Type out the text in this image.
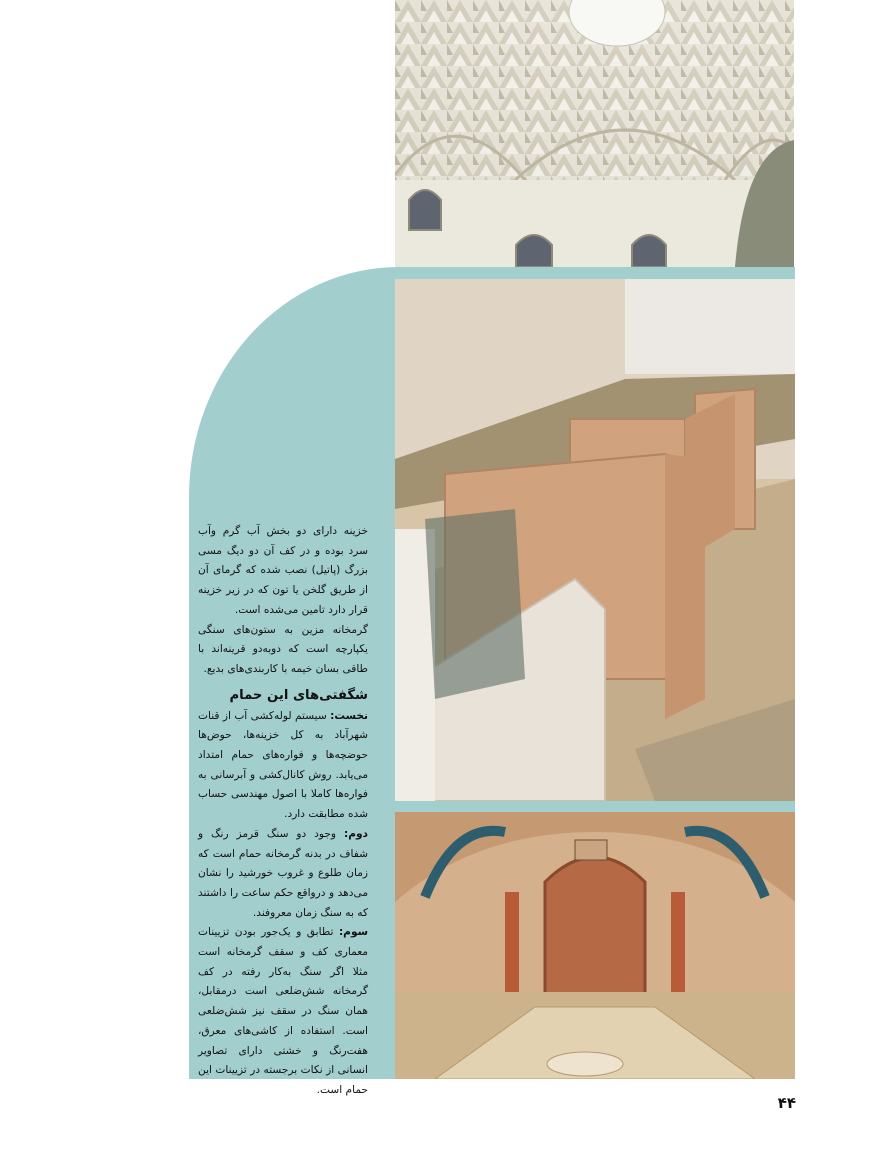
خزینه دارای دو بخش آب گرم وآب سرد بوده و در کف آن دو دیگ مسی بزرگ (پاتیل) نصب شده که گرمای آن از طریق گلخن یا تون که در زیر خزینه قرار دارد تامین می‌شده است.

گرمخانه مزین به ستون‌های سنگی یکپارچه است که دوبه‌دو قرینه‌اند با طاقی بسان خیمه با کاربندی‌های بدیع.

شگفتی‌های این حمام

نخست: سیستم لوله‌کشی آب از قنات شهرآباد به کل خزینه‌ها، حوض‌ها حوضچه‌ها و فواره‌های حمام امتداد می‌یابد. روش کانال‌کشی و آبرسانی به فواره‌ها کاملا با اصول مهندسی حساب شده مطابقت دارد.

دوم: وجود دو سنگ قرمز رنگ و شفاف در بدنه گرمخانه حمام است که زمان طلوع و غروب خورشید را نشان می‌دهد و درواقع حکم ساعت را داشتند که به سنگ زمان معروفند.

سوم: تطابق و یک‌جور بودن تزیینات معماری کف و سقف گرمخانه است مثلا اگر سنگ به‌کار رفته در کف گرمخانه شش‌ضلعی است درمقابل، همان سنگ در سقف نیز شش‌ضلعی است. استفاده از کاشی‌های معرق، هفت‌رنگ و خشتی دارای تصاویر انسانی از نکات برجسته در تزیینات این حمام است.

۴۴
